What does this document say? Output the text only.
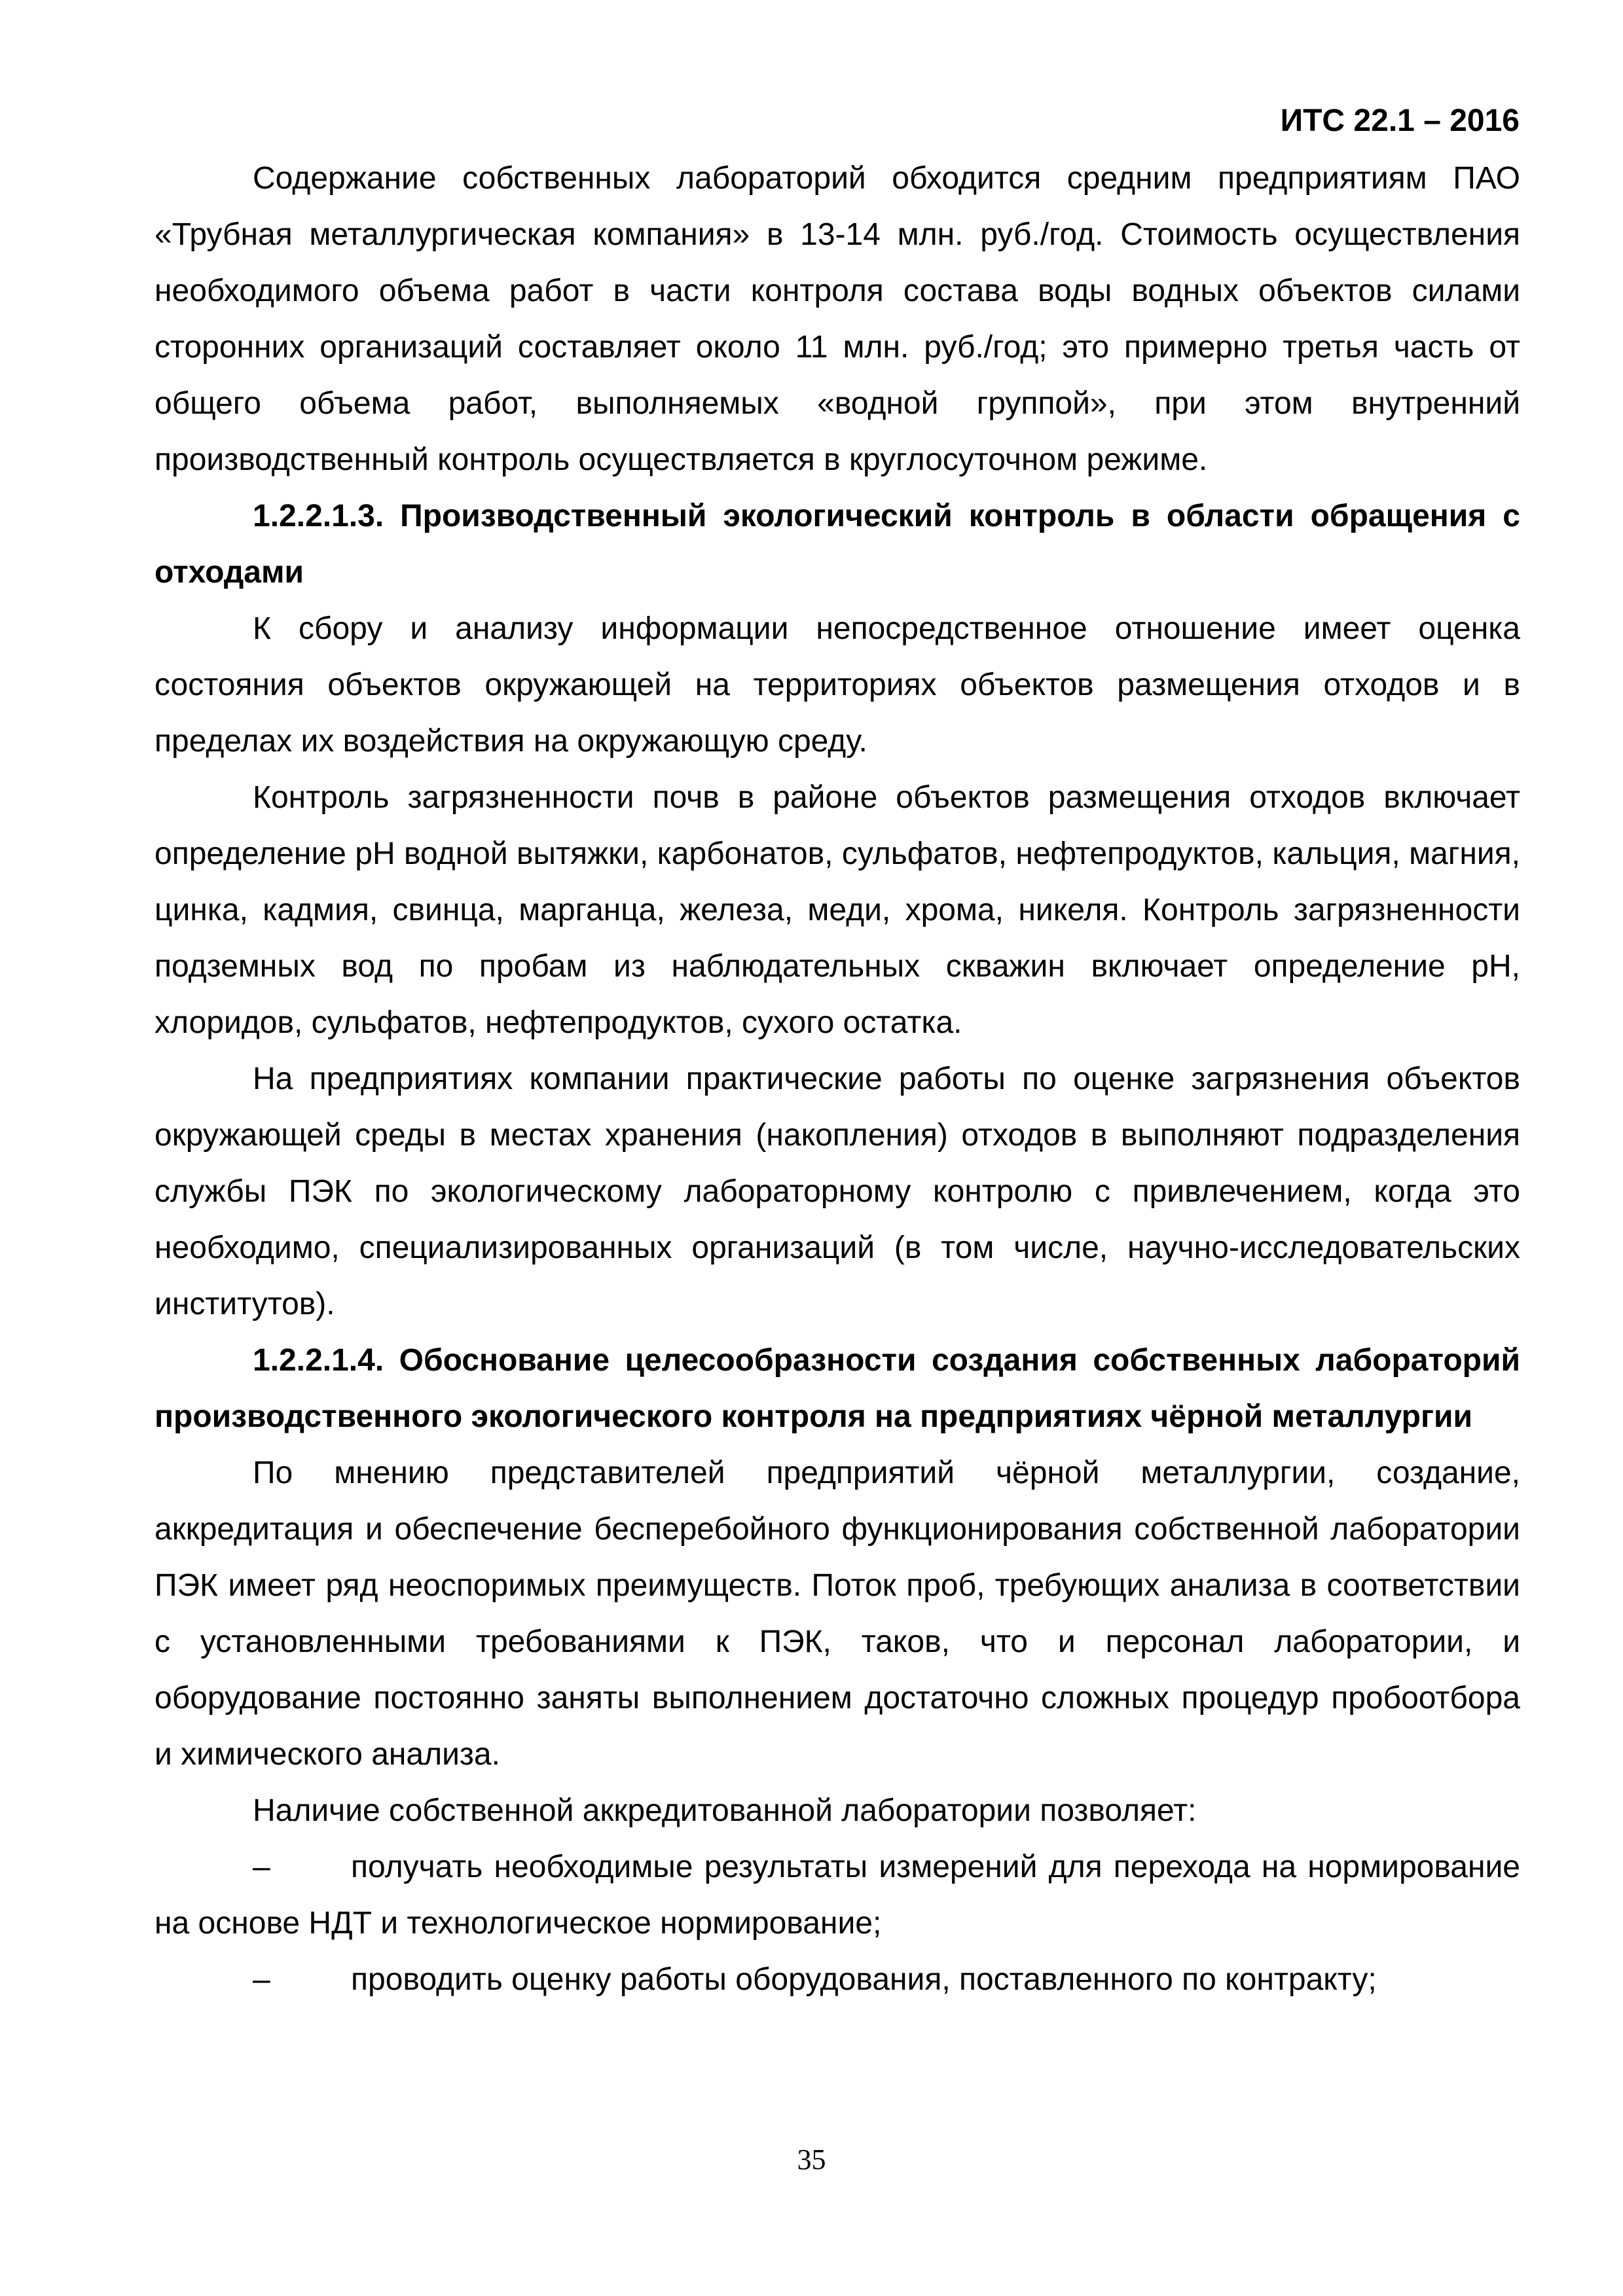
ИТС 22.1 – 2016

Содержание собственных лабораторий обходится средним предприятиям ПАО «Трубная металлургическая компания» в 13-14 млн. руб./год. Стоимость осуществления необходимого объема работ в части контроля состава воды водных объектов силами сторонних организаций составляет около 11 млн. руб./год; это примерно третья часть от общего объема работ, выполняемых «водной группой», при этом внутренний производственный контроль осуществляется в круглосуточном режиме.

1.2.2.1.3. Производственный экологический контроль в области обращения с отходами

К сбору и анализу информации непосредственное отношение имеет оценка состояния объектов окружающей на территориях объектов размещения отходов и в пределах их воздействия на окружающую среду.

Контроль загрязненности почв в районе объектов размещения отходов включает определение рН водной вытяжки, карбонатов, сульфатов, нефтепродуктов, кальция, магния, цинка, кадмия, свинца, марганца, железа, меди, хрома, никеля. Контроль загрязненности подземных вод по пробам из наблюдательных скважин включает определение рН, хлоридов, сульфатов, нефтепродуктов, сухого остатка.

На предприятиях компании практические работы по оценке загрязнения объектов окружающей среды в местах хранения (накопления) отходов в выполняют подразделения службы ПЭК по экологическому лабораторному контролю с привлечением, когда это необходимо, специализированных организаций (в том числе, научно-исследовательских институтов).

1.2.2.1.4. Обоснование целесообразности создания собственных лабораторий производственного экологического контроля на предприятиях чёрной металлургии

По мнению представителей предприятий чёрной металлургии, создание, аккредитация и обеспечение бесперебойного функционирования собственной лаборатории ПЭК имеет ряд неоспоримых преимуществ. Поток проб, требующих анализа в соответствии с установленными требованиями к ПЭК, таков, что и персонал лаборатории, и оборудование постоянно заняты выполнением достаточно сложных процедур пробоотбора и химического анализа.

Наличие собственной аккредитованной лаборатории позволяет:

–	получать необходимые результаты измерений для перехода на нормирование на основе НДТ и технологическое нормирование;

–	проводить оценку работы оборудования, поставленного по контракту;

35
